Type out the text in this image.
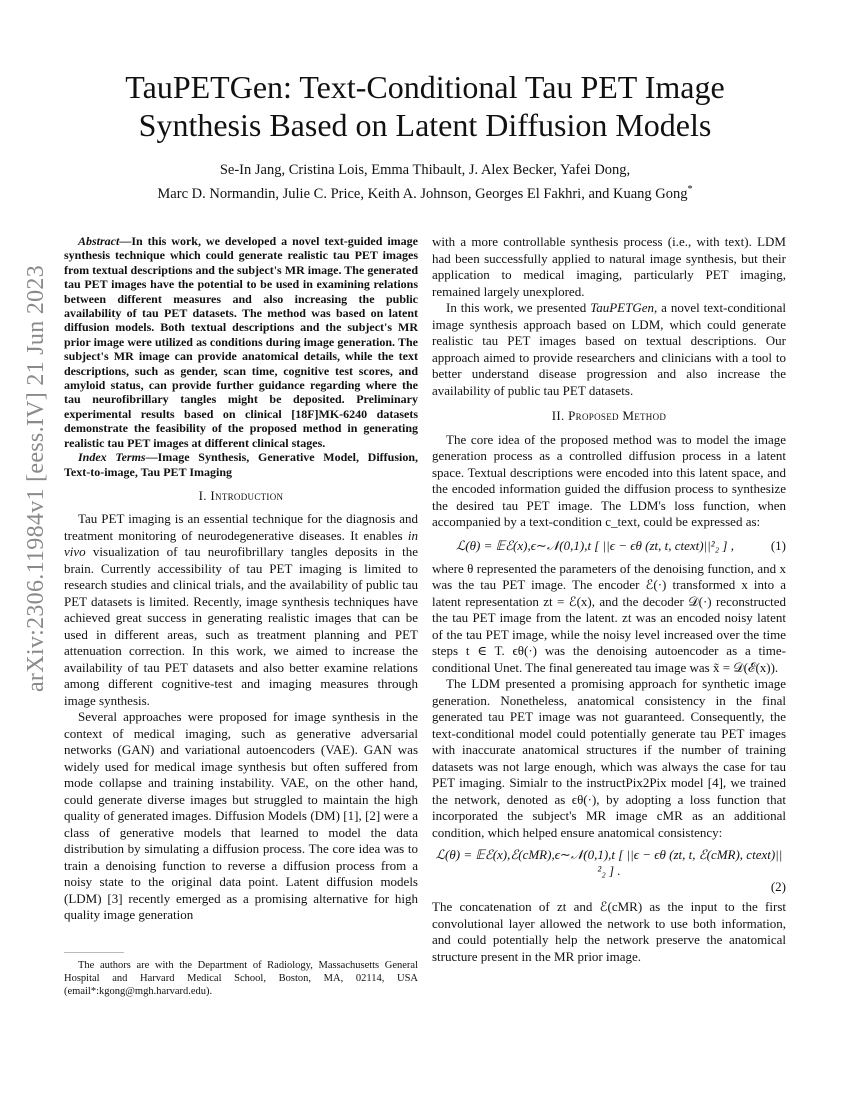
arXiv:2306.11984v1 [eess.IV] 21 Jun 2023
TauPETGen: Text-Conditional Tau PET Image Synthesis Based on Latent Diffusion Models
Se-In Jang, Cristina Lois, Emma Thibault, J. Alex Becker, Yafei Dong,
Marc D. Normandin, Julie C. Price, Keith A. Johnson, Georges El Fakhri, and Kuang Gong*

Abstract—In this work, we developed a novel text-guided image synthesis technique which could generate realistic tau PET images from textual descriptions and the subject's MR image. The generated tau PET images have the potential to be used in examining relations between different measures and also increasing the public availability of tau PET datasets. The method was based on latent diffusion models. Both textual descriptions and the subject's MR prior image were utilized as conditions during image generation. The subject's MR image can provide anatomical details, while the text descriptions, such as gender, scan time, cognitive test scores, and amyloid status, can provide further guidance regarding where the tau neurofibrillary tangles might be deposited. Preliminary experimental results based on clinical [18F]MK-6240 datasets demonstrate the feasibility of the proposed method in generating realistic tau PET images at different clinical stages.

Index Terms—Image Synthesis, Generative Model, Diffusion, Text-to-image, Tau PET Imaging

I. Introduction

Tau PET imaging is an essential technique for the diagnosis and treatment monitoring of neurodegenerative diseases. It enables in vivo visualization of tau neurofibrillary tangles deposits in the brain. Currently accessibility of tau PET imaging is limited to research studies and clinical trials, and the availability of public tau PET datasets is limited. Recently, image synthesis techniques have achieved great success in generating realistic images that can be used in different areas, such as treatment planning and PET attenuation correction. In this work, we aimed to increase the availability of tau PET datasets and also better examine relations among different cognitive-test and imaging measures through image synthesis.

Several approaches were proposed for image synthesis in the context of medical imaging, such as generative adversarial networks (GAN) and variational autoencoders (VAE). GAN was widely used for medical image synthesis but often suffered from mode collapse and training instability. VAE, on the other hand, could generate diverse images but struggled to maintain the high quality of generated images. Diffusion Models (DM) [1], [2] were a class of generative models that learned to model the data distribution by simulating a diffusion process. The core idea was to train a denoising function to reverse a diffusion process from a noisy state to the original data point. Latent diffusion models (LDM) [3] recently emerged as a promising alternative for high quality image generation

The authors are with the Department of Radiology, Massachusetts General Hospital and Harvard Medical School, Boston, MA, 02114, USA (email*:kgong@mgh.harvard.edu).

with a more controllable synthesis process (i.e., with text). LDM had been successfully applied to natural image synthesis, but their application to medical imaging, particularly PET imaging, remained largely unexplored.

In this work, we presented TauPETGen, a novel text-conditional image synthesis approach based on LDM, which could generate realistic tau PET images based on textual descriptions. Our approach aimed to provide researchers and clinicians with a tool to better understand disease progression and also increase the availability of public tau PET datasets.

II. Proposed Method

The core idea of the proposed method was to model the image generation process as a controlled diffusion process in a latent space. Textual descriptions were encoded into this latent space, and the encoded information guided the diffusion process to synthesize the desired tau PET image. The LDM's loss function, when accompanied by a text-condition c_text, could be expressed as:

ℒ(θ) = 𝔼ℰ(x),ϵ∼𝒩(0,1),t [ ||ϵ − ϵθ (zt, t, ctext)||²₂ ] ,	(1)

where θ represented the parameters of the denoising function, and x was the tau PET image. The encoder ℰ(·) transformed x into a latent representation zt = ℰ(x), and the decoder 𝒟(·) reconstructed the tau PET image from the latent. zt was an encoded noisy latent of the tau PET image, while the noisy level increased over the time steps t ∈ T. ϵθ(·) was the denoising autoencoder as a time-conditional Unet. The final genereated tau image was x̃ = 𝒟(ℰ(x)).

The LDM presented a promising approach for synthetic image generation. Nonetheless, anatomical consistency in the final generated tau PET image was not guaranteed. Consequently, the text-conditional model could potentially generate tau PET images with inaccurate anatomical structures if the number of training datasets was not large enough, which was always the case for tau PET imaging. Simialr to the instructPix2Pix model [4], we trained the network, denoted as ϵθ(·), by adopting a loss function that incorporated the subject's MR image cMR as an additional condition, which helped ensure anatomical consistency:

ℒ(θ) = 𝔼ℰ(x),ℰ(cMR),ϵ∼𝒩(0,1),t [ ||ϵ − ϵθ (zt, t, ℰ(cMR), ctext)||²₂ ] .
(2)

The concatenation of zt and ℰ(cMR) as the input to the first convolutional layer allowed the network to use both information, and could potentially help the network preserve the anatomical structure present in the MR prior image.
